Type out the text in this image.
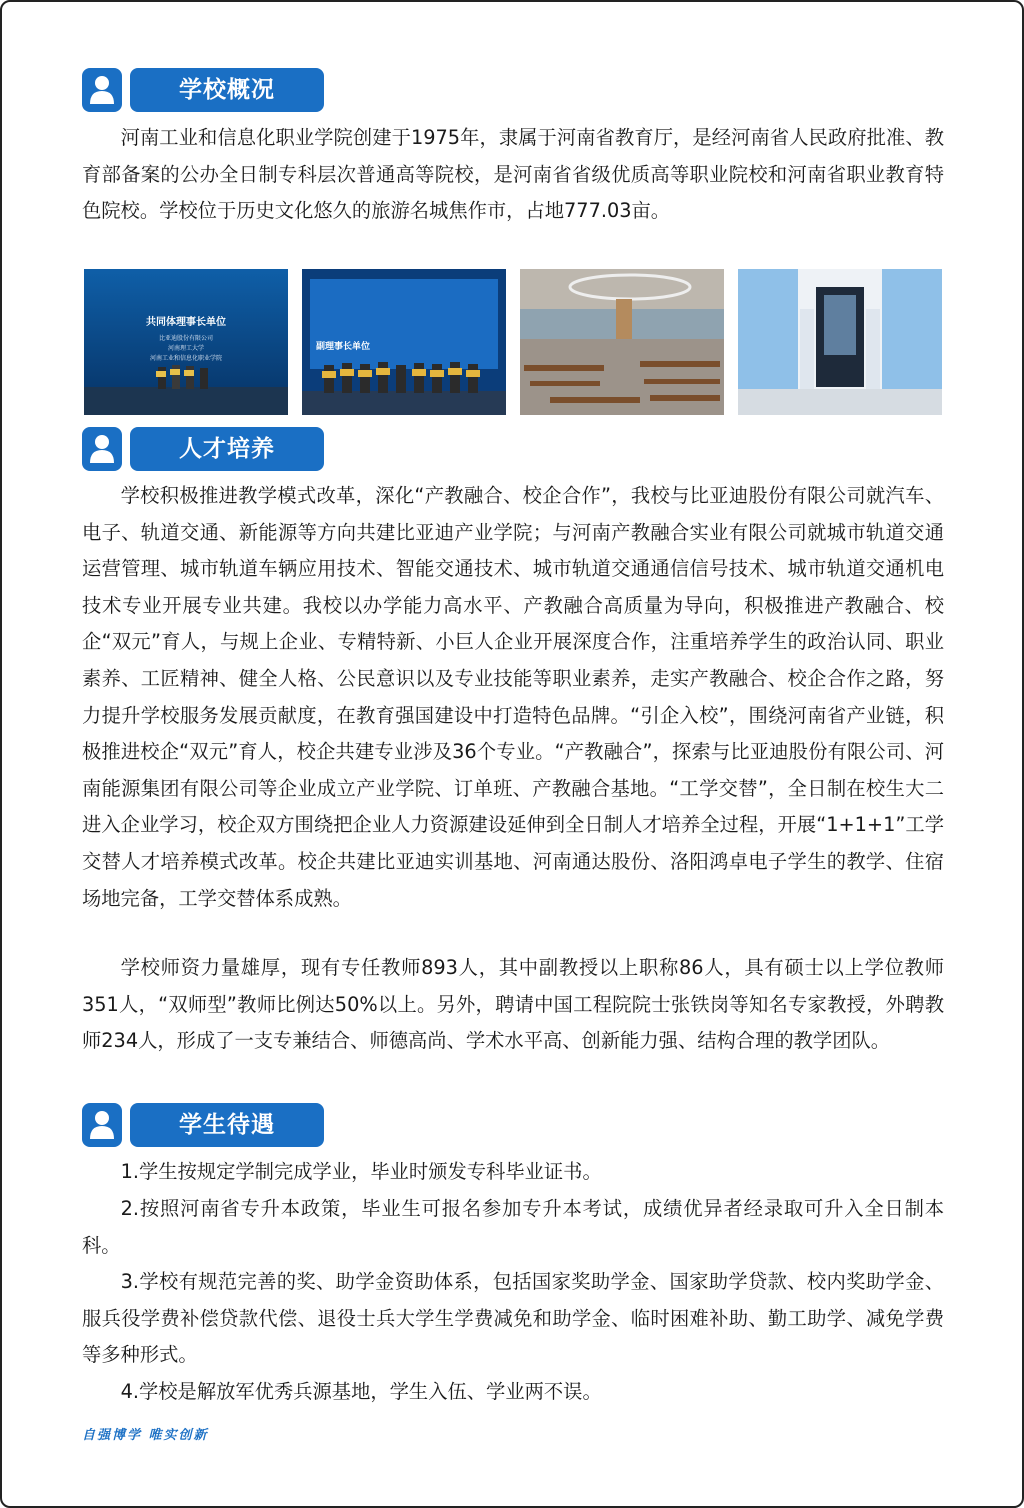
学校概况

河南工业和信息化职业学院创建于1975年，隶属于河南省教育厅，是经河南省人民政府批准、教育部备案的公办全日制专科层次普通高等院校，是河南省省级优质高等职业院校和河南省职业教育特色院校。学校位于历史文化悠久的旅游名城焦作市，占地777.03亩。

共同体理事长单位
比亚迪股份有限公司
河南理工大学
河南工业和信息化职业学院
副理事长单位
人才培养

学校积极推进教学模式改革，深化“产教融合、校企合作”，我校与比亚迪股份有限公司就汽车、电子、轨道交通、新能源等方向共建比亚迪产业学院；与河南产教融合实业有限公司就城市轨道交通运营管理、城市轨道车辆应用技术、智能交通技术、城市轨道交通通信信号技术、城市轨道交通机电技术专业开展专业共建。我校以办学能力高水平、产教融合高质量为导向，积极推进产教融合、校企“双元”育人，与规上企业、专精特新、小巨人企业开展深度合作，注重培养学生的政治认同、职业素养、工匠精神、健全人格、公民意识以及专业技能等职业素养，走实产教融合、校企合作之路，努力提升学校服务发展贡献度，在教育强国建设中打造特色品牌。“引企入校”，围绕河南省产业链，积极推进校企“双元”育人，校企共建专业涉及36个专业。“产教融合”，探索与比亚迪股份有限公司、河南能源集团有限公司等企业成立产业学院、订单班、产教融合基地。“工学交替”，全日制在校生大二进入企业学习，校企双方围绕把企业人力资源建设延伸到全日制人才培养全过程，开展“1+1+1”工学交替人才培养模式改革。校企共建比亚迪实训基地、河南通达股份、洛阳鸿卓电子学生的教学、住宿场地完备，工学交替体系成熟。

学校师资力量雄厚，现有专任教师893人，其中副教授以上职称86人，具有硕士以上学位教师351人，“双师型”教师比例达50%以上。另外，聘请中国工程院院士张铁岗等知名专家教授，外聘教师234人，形成了一支专兼结合、师德高尚、学术水平高、创新能力强、结构合理的教学团队。

学生待遇

1.学生按规定学制完成学业，毕业时颁发专科毕业证书。

2.按照河南省专升本政策，毕业生可报名参加专升本考试，成绩优异者经录取可升入全日制本科。

3.学校有规范完善的奖、助学金资助体系，包括国家奖助学金、国家助学贷款、校内奖助学金、服兵役学费补偿贷款代偿、退役士兵大学生学费减免和助学金、临时困难补助、勤工助学、减免学费等多种形式。

4.学校是解放军优秀兵源基地，学生入伍、学业两不误。

自强博学 唯实创新
